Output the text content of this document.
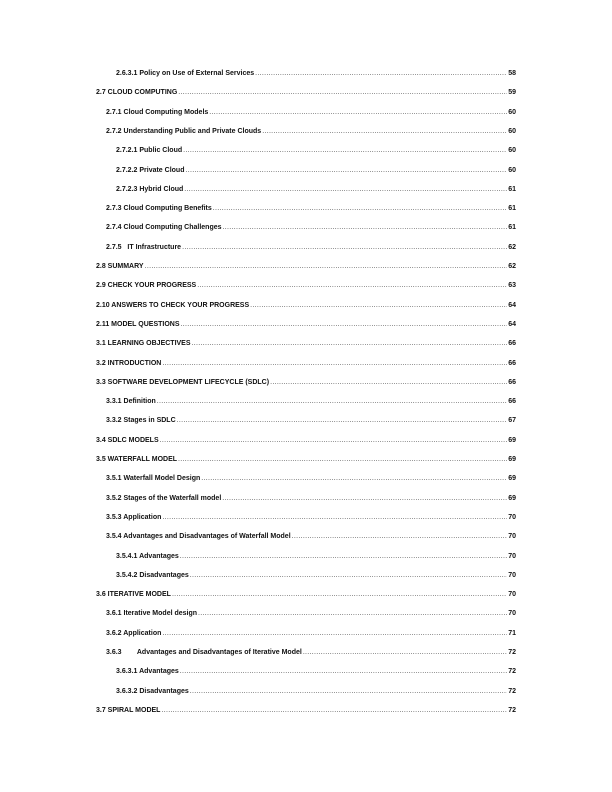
2.6.3.1 Policy on Use of External Services .....	58
2.7 CLOUD COMPUTING .....	59
2.7.1 Cloud Computing Models .....	60
2.7.2 Understanding Public and Private Clouds .....	60
2.7.2.1 Public Cloud .....	60
2.7.2.2 Private Cloud .....	60
2.7.2.3 Hybrid Cloud .....	61
2.7.3 Cloud Computing Benefits .....	61
2.7.4 Cloud Computing Challenges .....	61
2.7.5   IT Infrastructure .....	62
2.8 SUMMARY .....	62
2.9 CHECK YOUR PROGRESS .....	63
2.10 ANSWERS TO CHECK YOUR PROGRESS .....	64
2.11 MODEL QUESTIONS .....	64
3.1 LEARNING OBJECTIVES .....	66
3.2 INTRODUCTION .....	66
3.3 SOFTWARE DEVELOPMENT LIFECYCLE (SDLC) .....	66
3.3.1 Definition .....	66
3.3.2 Stages in SDLC .....	67
3.4 SDLC MODELS .....	69
3.5 WATERFALL MODEL .....	69
3.5.1 Waterfall Model Design .....	69
3.5.2 Stages of the Waterfall model .....	69
3.5.3 Application .....	70
3.5.4 Advantages and Disadvantages of Waterfall Model .....	70
3.5.4.1 Advantages .....	70
3.5.4.2 Disadvantages .....	70
3.6 ITERATIVE MODEL .....	70
3.6.1 Iterative Model design .....	70
3.6.2 Application .....	71
3.6.3        Advantages and Disadvantages of Iterative Model .....	72
3.6.3.1 Advantages .....	72
3.6.3.2 Disadvantages .....	72
3.7 SPIRAL MODEL .....	72
